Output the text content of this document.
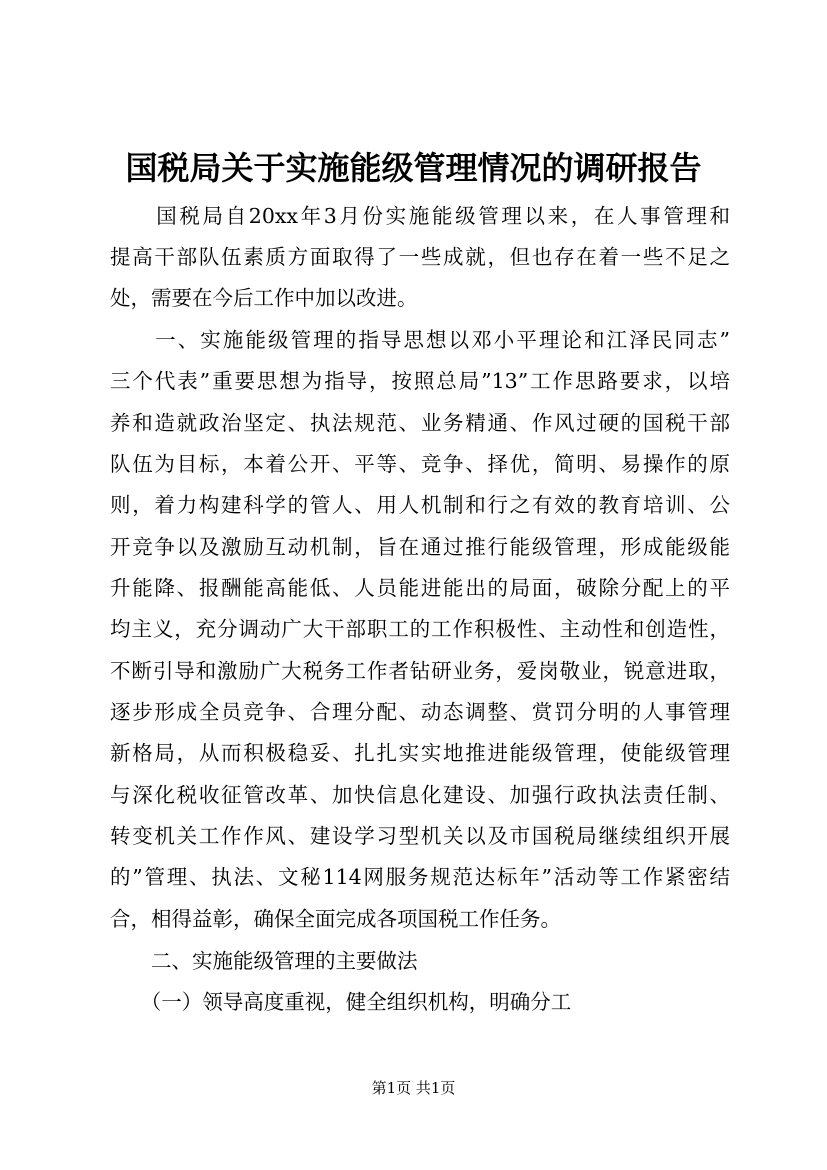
国税局关于实施能级管理情况的调研报告
　　国税局自20xx年3月份实施能级管理以来，在人事管理和
提高干部队伍素质方面取得了一些成就，但也存在着一些不足之
处，需要在今后工作中加以改进。
　　一、实施能级管理的指导思想以邓小平理论和江泽民同志”
三个代表”重要思想为指导，按照总局”13”工作思路要求，以培
养和造就政治坚定、执法规范、业务精通、作风过硬的国税干部
队伍为目标，本着公开、平等、竞争、择优，简明、易操作的原
则，着力构建科学的管人、用人机制和行之有效的教育培训、公
开竞争以及激励互动机制，旨在通过推行能级管理，形成能级能
升能降、报酬能高能低、人员能进能出的局面，破除分配上的平
均主义，充分调动广大干部职工的工作积极性、主动性和创造性，
不断引导和激励广大税务工作者钻研业务，爱岗敬业，锐意进取，
逐步形成全员竞争、合理分配、动态调整、赏罚分明的人事管理
新格局，从而积极稳妥、扎扎实实地推进能级管理，使能级管理
与深化税收征管改革、加快信息化建设、加强行政执法责任制、
转变机关工作作风、建设学习型机关以及市国税局继续组织开展
的”管理、执法、文秘114网服务规范达标年”活动等工作紧密结
合，相得益彰，确保全面完成各项国税工作任务。
　　二、实施能级管理的主要做法
　　（一）领导高度重视，健全组织机构，明确分工
第1页 共1页
